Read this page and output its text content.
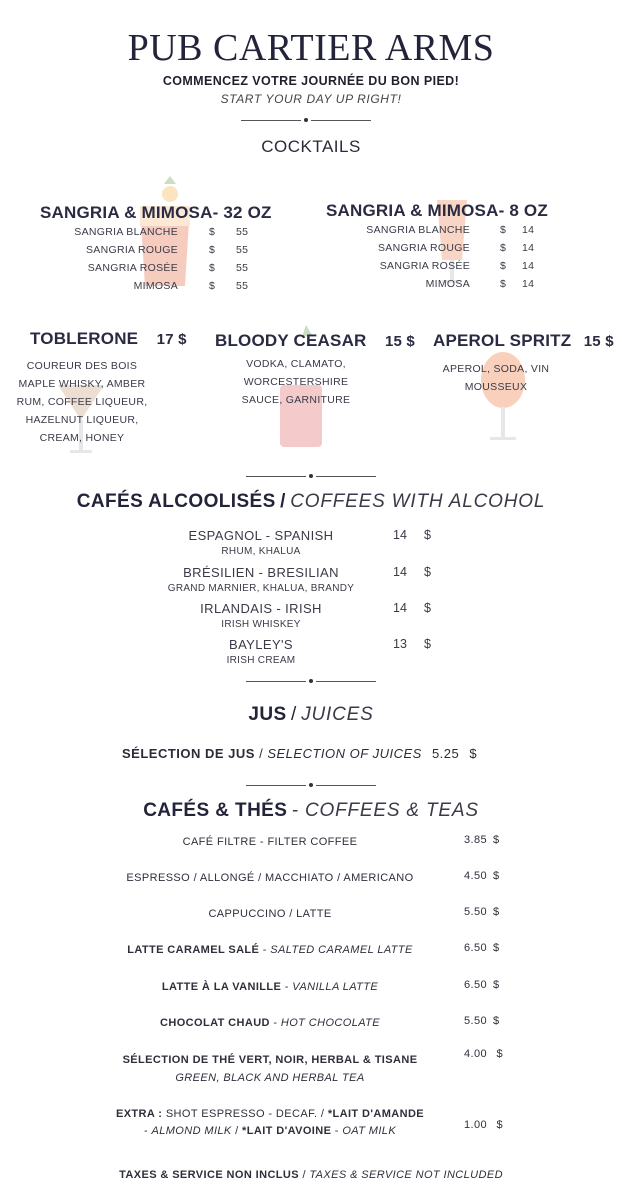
PUB CARTIER ARMS
COMMENCEZ VOTRE JOURNÉE DU BON PIED!
START YOUR DAY UP RIGHT!
COCKTAILS
SANGRIA & MIMOSA- 32 OZ
SANGRIA BLANCHE	$ 55
SANGRIA ROUGE	$ 55
SANGRIA ROSÉE	$ 55
MIMOSA	$ 55
SANGRIA & MIMOSA- 8 OZ
SANGRIA BLANCHE	$ 14
SANGRIA ROUGE	$ 14
SANGRIA ROSÉE	$ 14
MIMOSA	$ 14
TOBLERONE 17 $
COUREUR DES BOIS
MAPLE WHISKY, AMBER
RUM, COFFEE LIQUEUR,
HAZELNUT LIQUEUR,
CREAM, HONEY
BLOODY CEASAR 15 $
VODKA, CLAMATO,
WORCESTERSHIRE
SAUCE, GARNITURE
APEROL SPRITZ 15 $
APEROL, SODA, VIN
MOUSSEUX
CAFÉS ALCOOLISÉS / COFFEES WITH ALCOHOL
ESPAGNOL - SPANISH
RHUM, KHALUA
14 $
BRÉSILIEN - BRESILIAN
GRAND MARNIER, KHALUA, BRANDY
14 $
IRLANDAIS - IRISH
IRISH WHISKEY
14 $
BAYLEY'S
IRISH CREAM
13 $
JUS / JUICES
SÉLECTION DE JUS / SELECTION OF JUICES 5.25 $
CAFÉS & THÉS - COFFEES & TEAS
CAFÉ FILTRE - FILTER COFFEE	3.85 $
ESPRESSO / ALLONGÉ / MACCHIATO / AMERICANO	4.50 $
CAPPUCCINO / LATTE	5.50 $
LATTE CARAMEL SALÉ - SALTED CARAMEL LATTE	6.50 $
LATTE À LA VANILLE - VANILLA LATTE	6.50 $
CHOCOLAT CHAUD - HOT CHOCOLATE	5.50 $
SÉLECTION DE THÉ VERT, NOIR, HERBAL & TISANE
GREEN, BLACK AND HERBAL TEA
4.00 $
EXTRA : SHOT ESPRESSO - DECAF. / *LAIT D'AMANDE
- ALMOND MILK / *LAIT D'AVOINE - OAT MILK	1.00 $
TAXES & SERVICE NON INCLUS / TAXES & SERVICE NOT INCLUDED
